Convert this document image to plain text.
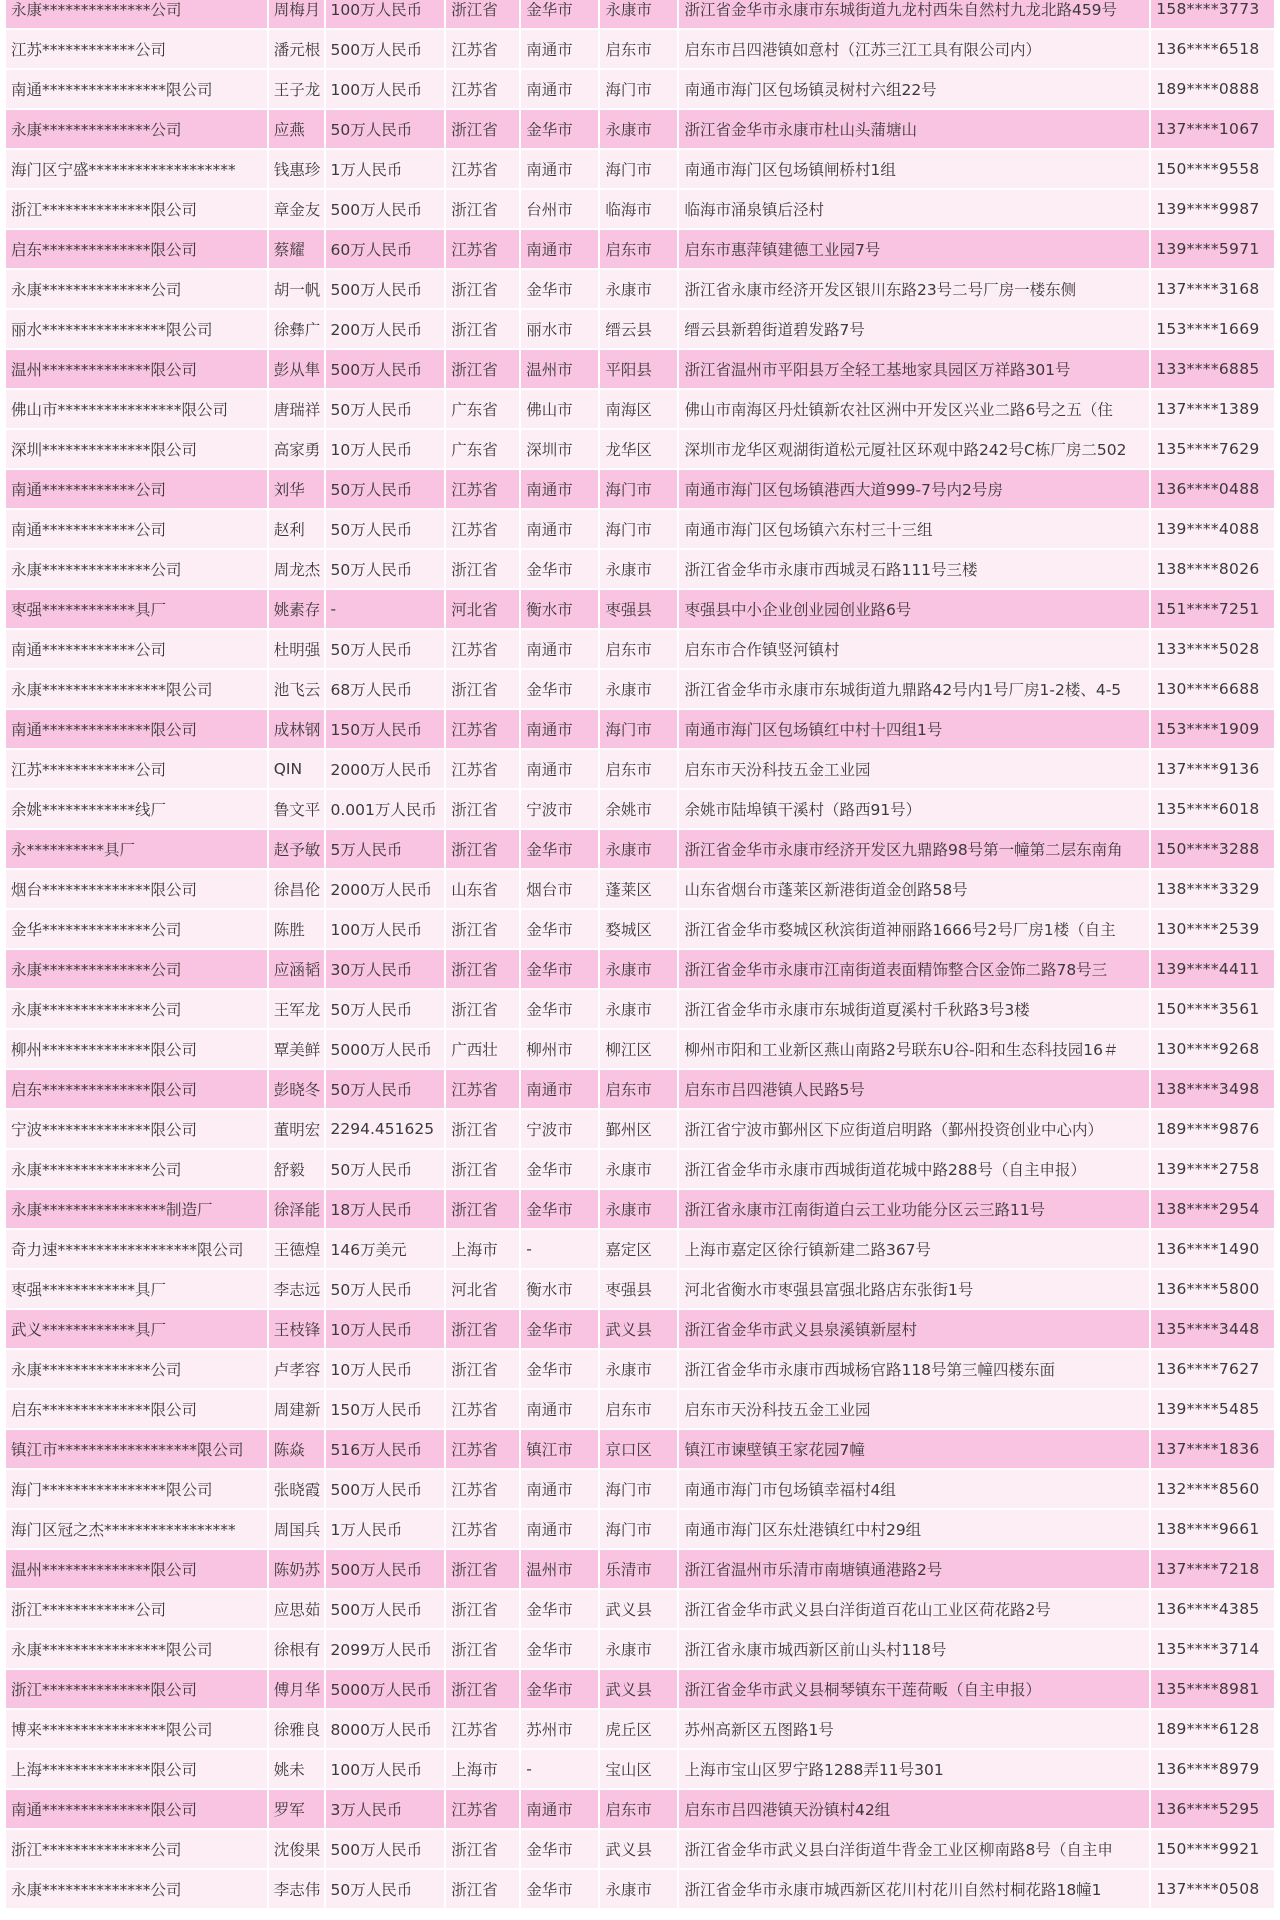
永康**************公司	周梅月	100万人民币	浙江省	金华市	永康市	浙江省金华市永康市东城街道九龙村西朱自然村九龙北路459号	158****3773
江苏************公司	潘元根	500万人民币	江苏省	南通市	启东市	启东市吕四港镇如意村（江苏三江工具有限公司内）	136****6518
南通****************限公司	王子龙	100万人民币	江苏省	南通市	海门市	南通市海门区包场镇灵树村六组22号	189****0888
永康**************公司	应燕	50万人民币	浙江省	金华市	永康市	浙江省金华市永康市杜山头蒲塘山	137****1067
海门区宁盛*******************	钱惠珍	1万人民币	江苏省	南通市	海门市	南通市海门区包场镇闸桥村1组	150****9558
浙江**************限公司	章金友	500万人民币	浙江省	台州市	临海市	临海市涌泉镇后泾村	139****9987
启东**************限公司	蔡耀	60万人民币	江苏省	南通市	启东市	启东市惠萍镇建德工业园7号	139****5971
永康**************公司	胡一帆	500万人民币	浙江省	金华市	永康市	浙江省永康市经济开发区银川东路23号二号厂房一楼东侧	137****3168
丽水****************限公司	徐彝广	200万人民币	浙江省	丽水市	缙云县	缙云县新碧街道碧发路7号	153****1669
温州**************限公司	彭从隼	500万人民币	浙江省	温州市	平阳县	浙江省温州市平阳县万全轻工基地家具园区万祥路301号	133****6885
佛山市****************限公司	唐瑞祥	50万人民币	广东省	佛山市	南海区	佛山市南海区丹灶镇新农社区洲中开发区兴业二路6号之五（住	137****1389
深圳**************限公司	高家勇	10万人民币	广东省	深圳市	龙华区	深圳市龙华区观湖街道松元厦社区环观中路242号C栋厂房二502	135****7629
南通************公司	刘华	50万人民币	江苏省	南通市	海门市	南通市海门区包场镇港西大道999-7号内2号房	136****0488
南通************公司	赵利	50万人民币	江苏省	南通市	海门市	南通市海门区包场镇六东村三十三组	139****4088
永康**************公司	周龙杰	50万人民币	浙江省	金华市	永康市	浙江省金华市永康市西城灵石路111号三楼	138****8026
枣强************具厂	姚素存	-	河北省	衡水市	枣强县	枣强县中小企业创业园创业路6号	151****7251
南通************公司	杜明强	50万人民币	江苏省	南通市	启东市	启东市合作镇竖河镇村	133****5028
永康****************限公司	池飞云	68万人民币	浙江省	金华市	永康市	浙江省金华市永康市东城街道九鼎路42号内1号厂房1-2楼、4-5	130****6688
南通**************限公司	成林钢	150万人民币	江苏省	南通市	海门市	南通市海门区包场镇红中村十四组1号	153****1909
江苏************公司	QIN	2000万人民币	江苏省	南通市	启东市	启东市天汾科技五金工业园	137****9136
余姚************线厂	鲁文平	0.001万人民币	浙江省	宁波市	余姚市	余姚市陆埠镇干溪村（路西91号）	135****6018
永**********具厂	赵予敏	5万人民币	浙江省	金华市	永康市	浙江省金华市永康市经济开发区九鼎路98号第一幢第二层东南角	150****3288
烟台**************限公司	徐昌伦	2000万人民币	山东省	烟台市	蓬莱区	山东省烟台市蓬莱区新港街道金创路58号	138****3329
金华**************公司	陈胜	100万人民币	浙江省	金华市	婺城区	浙江省金华市婺城区秋滨街道神丽路1666号2号厂房1楼（自主	130****2539
永康**************公司	应涵韬	30万人民币	浙江省	金华市	永康市	浙江省金华市永康市江南街道表面精饰整合区金饰二路78号三	139****4411
永康**************公司	王军龙	50万人民币	浙江省	金华市	永康市	浙江省金华市永康市东城街道夏溪村千秋路3号3楼	150****3561
柳州**************限公司	覃美鲜	5000万人民币	广西壮	柳州市	柳江区	柳州市阳和工业新区燕山南路2号联东U谷-阳和生态科技园16＃	130****9268
启东**************限公司	彭晓冬	50万人民币	江苏省	南通市	启东市	启东市吕四港镇人民路5号	138****3498
宁波**************限公司	董明宏	2294.451625	浙江省	宁波市	鄞州区	浙江省宁波市鄞州区下应街道启明路（鄞州投资创业中心内）	189****9876
永康**************公司	舒毅	50万人民币	浙江省	金华市	永康市	浙江省金华市永康市西城街道花城中路288号（自主申报）	139****2758
永康****************制造厂	徐泽能	18万人民币	浙江省	金华市	永康市	浙江省永康市江南街道白云工业功能分区云三路11号	138****2954
奇力速******************限公司	王德煌	146万美元	上海市	-	嘉定区	上海市嘉定区徐行镇新建二路367号	136****1490
枣强************具厂	李志远	50万人民币	河北省	衡水市	枣强县	河北省衡水市枣强县富强北路店东张街1号	136****5800
武义************具厂	王枝锋	10万人民币	浙江省	金华市	武义县	浙江省金华市武义县泉溪镇新屋村	135****3448
永康**************公司	卢孝容	10万人民币	浙江省	金华市	永康市	浙江省金华市永康市西城杨官路118号第三幢四楼东面	136****7627
启东**************限公司	周建新	150万人民币	江苏省	南通市	启东市	启东市天汾科技五金工业园	139****5485
镇江市******************限公司	陈焱	516万人民币	江苏省	镇江市	京口区	镇江市谏壁镇王家花园7幢	137****1836
海门****************限公司	张晓霞	500万人民币	江苏省	南通市	海门市	南通市海门市包场镇幸福村4组	132****8560
海门区冠之杰*****************	周国兵	1万人民币	江苏省	南通市	海门市	南通市海门区东灶港镇红中村29组	138****9661
温州**************限公司	陈奶苏	500万人民币	浙江省	温州市	乐清市	浙江省温州市乐清市南塘镇通港路2号	137****7218
浙江************公司	应思茹	500万人民币	浙江省	金华市	武义县	浙江省金华市武义县白洋街道百花山工业区荷花路2号	136****4385
永康****************限公司	徐根有	2099万人民币	浙江省	金华市	永康市	浙江省永康市城西新区前山头村118号	135****3714
浙江**************限公司	傅月华	5000万人民币	浙江省	金华市	武义县	浙江省金华市武义县桐琴镇东干莲荷畈（自主申报）	135****8981
博来****************限公司	徐雅良	8000万人民币	江苏省	苏州市	虎丘区	苏州高新区五图路1号	189****6128
上海**************限公司	姚未	100万人民币	上海市	-	宝山区	上海市宝山区罗宁路1288弄11号301	136****8979
南通**************限公司	罗军	3万人民币	江苏省	南通市	启东市	启东市吕四港镇天汾镇村42组	136****5295
浙江**************公司	沈俊果	500万人民币	浙江省	金华市	武义县	浙江省金华市武义县白洋街道牛背金工业区柳南路8号（自主申	150****9921
永康**************公司	李志伟	50万人民币	浙江省	金华市	永康市	浙江省金华市永康市城西新区花川村花川自然村桐花路18幢1	137****0508
